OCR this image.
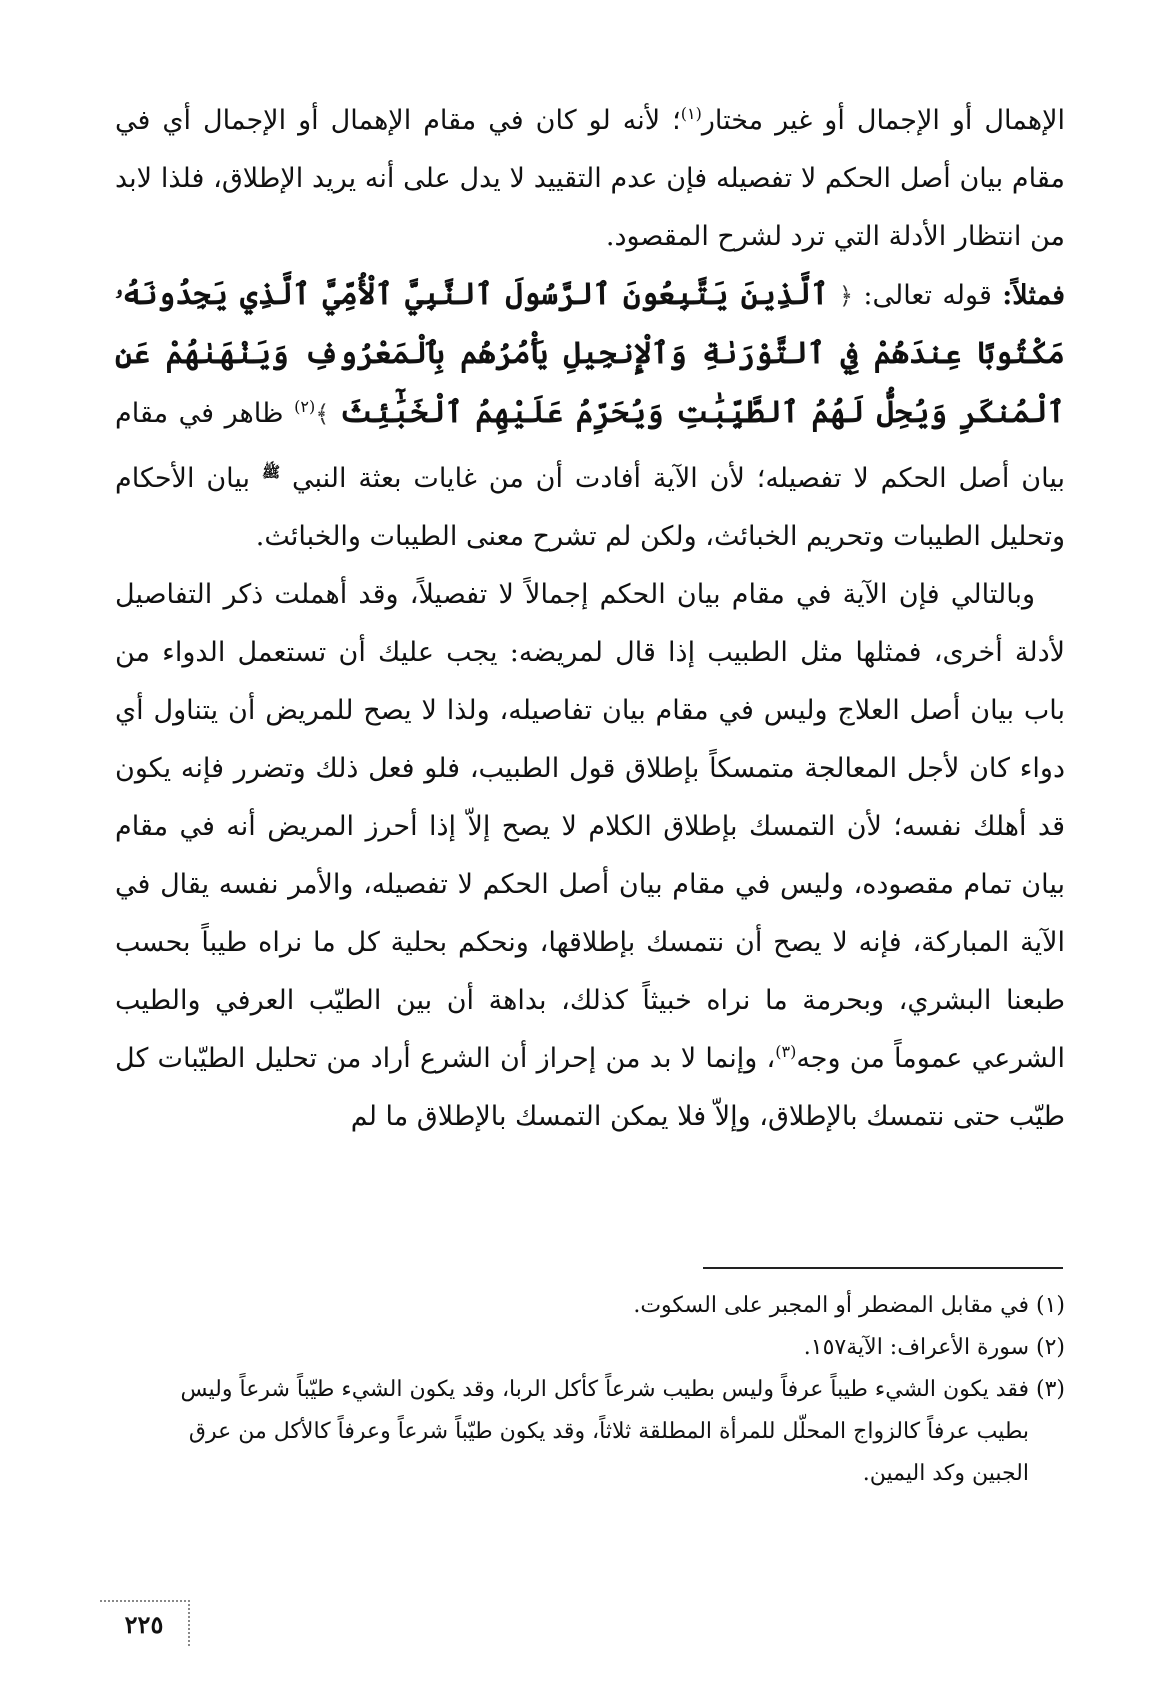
الإهمال أو الإجمال أو غير مختار$^{(١)}$؛ لأنه لو كان في مقام الإهمال أو الإجمال أي في مقام بيان أصل الحكم لا تفصيله فإن عدم التقييد لا يدل على أنه يريد الإطلاق، فلذا لابد من انتظار الأدلة التي ترد لشرح المقصود.

فمثلاً: قوله تعالى: ﴿ ٱلَّذِينَ يَتَّبِعُونَ ٱلرَّسُولَ ٱلنَّبِيَّ ٱلْأُمِّيَّ ٱلَّذِي يَجِدُونَهُۥ مَكْتُوبًا عِندَهُمْ فِي ٱلتَّوْرَىٰةِ وَٱلْإِنجِيلِ يَأْمُرُهُم بِٱلْمَعْرُوفِ وَيَنْهَىٰهُمْ عَنِ ٱلْمُنكَرِ وَيُحِلُّ لَهُمُ ٱلطَّيِّبَٰتِ وَيُحَرِّمُ عَلَيْهِمُ ٱلْخَبَٰٓئِثَ ﴾$^{(٢)}$ ظاهر في مقام بيان أصل الحكم لا تفصيله؛ لأن الآية أفادت أن من غايات بعثة النبي $^ﷺ$ بيان الأحكام وتحليل الطيبات وتحريم الخبائث، ولكن لم تشرح معنى الطيبات والخبائث.

وبالتالي فإن الآية في مقام بيان الحكم إجمالاً لا تفصيلاً، وقد أهملت ذكر التفاصيل لأدلة أخرى، فمثلها مثل الطبيب إذا قال لمريضه: يجب عليك أن تستعمل الدواء من باب بيان أصل العلاج وليس في مقام بيان تفاصيله، ولذا لا يصح للمريض أن يتناول أي دواء كان لأجل المعالجة متمسكاً بإطلاق قول الطبيب، فلو فعل ذلك وتضرر فإنه يكون قد أهلك نفسه؛ لأن التمسك بإطلاق الكلام لا يصح إلاّ إذا أحرز المريض أنه في مقام بيان تمام مقصوده، وليس في مقام بيان أصل الحكم لا تفصيله، والأمر نفسه يقال في الآية المباركة، فإنه لا يصح أن نتمسك بإطلاقها، ونحكم بحلية كل ما نراه طيباً بحسب طبعنا البشري، وبحرمة ما نراه خبيثاً كذلك، بداهة أن بين الطيّب العرفي والطيب الشرعي عموماً من وجه$^{(٣)}$، وإنما لا بد من إحراز أن الشرع أراد من تحليل الطيّبات كل طيّب حتى نتمسك بالإطلاق، وإلاّ فلا يمكن التمسك بالإطلاق ما لم

(١) في مقابل المضطر أو المجبر على السكوت.

(٢) سورة الأعراف: الآية١٥٧.

(٣) فقد يكون الشيء طيباً عرفاً وليس بطيب شرعاً كأكل الربا، وقد يكون الشيء طيّباً شرعاً وليس

بطيب عرفاً كالزواج المحلّل للمرأة المطلقة ثلاثاً، وقد يكون طيّباً شرعاً وعرفاً كالأكل من عرق

الجبين وكد اليمين.

٢٢٥
